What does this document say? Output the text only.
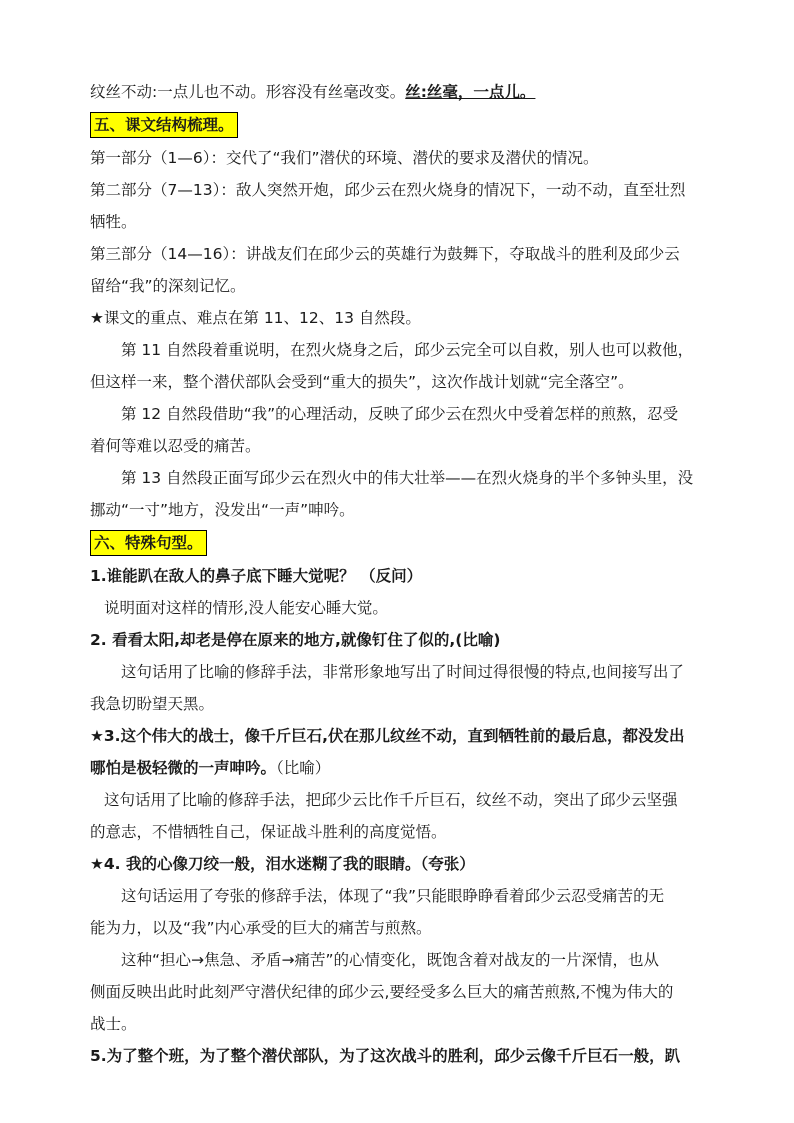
纹丝不动:一点儿也不动。形容没有丝毫改变。丝:丝毫，一点儿。
五、课文结构梳理。
第一部分（1—6）：交代了“我们”潜伏的环境、潜伏的要求及潜伏的情况。
第二部分（7—13）：敌人突然开炮，邱少云在烈火烧身的情况下，一动不动，直至壮烈
牺牲。
第三部分（14—16）：讲战友们在邱少云的英雄行为鼓舞下，夺取战斗的胜利及邱少云
留给“我”的深刻记忆。
★课文的重点、难点在第 11、12、13 自然段。
第 11 自然段着重说明，在烈火烧身之后，邱少云完全可以自救，别人也可以救他，
但这样一来，整个潜伏部队会受到“重大的损失”，这次作战计划就“完全落空”。
第 12 自然段借助“我”的心理活动，反映了邱少云在烈火中受着怎样的煎熬，忍受
着何等难以忍受的痛苦。
第 13 自然段正面写邱少云在烈火中的伟大壮举——在烈火烧身的半个多钟头里，没
挪动“一寸”地方，没发出“一声”呻吟。
六、特殊句型。
1.谁能趴在敌人的鼻子底下睡大觉呢？ （反问）
说明面对这样的情形,没人能安心睡大觉。
2. 看看太阳,却老是停在原来的地方,就像钉住了似的,(比喻)
这句话用了比喻的修辞手法，非常形象地写出了时间过得很慢的特点,也间接写出了
我急切盼望天黑。
★3.这个伟大的战士，像千斤巨石,伏在那儿纹丝不动，直到牺牲前的最后息，都没发出
哪怕是极轻微的一声呻吟。（比喻）
这句话用了比喻的修辞手法，把邱少云比作千斤巨石，纹丝不动，突出了邱少云坚强
的意志，不惜牺牲自己，保证战斗胜利的高度觉悟。
★4. 我的心像刀绞一般，泪水迷糊了我的眼睛。（夸张）
这句话运用了夸张的修辞手法，体现了“我”只能眼睁睁看着邱少云忍受痛苦的无
能为力，以及“我”内心承受的巨大的痛苦与煎熬。
这种“担心→焦急、矛盾→痛苦”的心情变化，既饱含着对战友的一片深情，也从
侧面反映出此时此刻严守潜伏纪律的邱少云,要经受多么巨大的痛苦煎熬,不愧为伟大的
战士。
5.为了整个班，为了整个潜伏部队，为了这次战斗的胜利，邱少云像千斤巨石一般，趴
